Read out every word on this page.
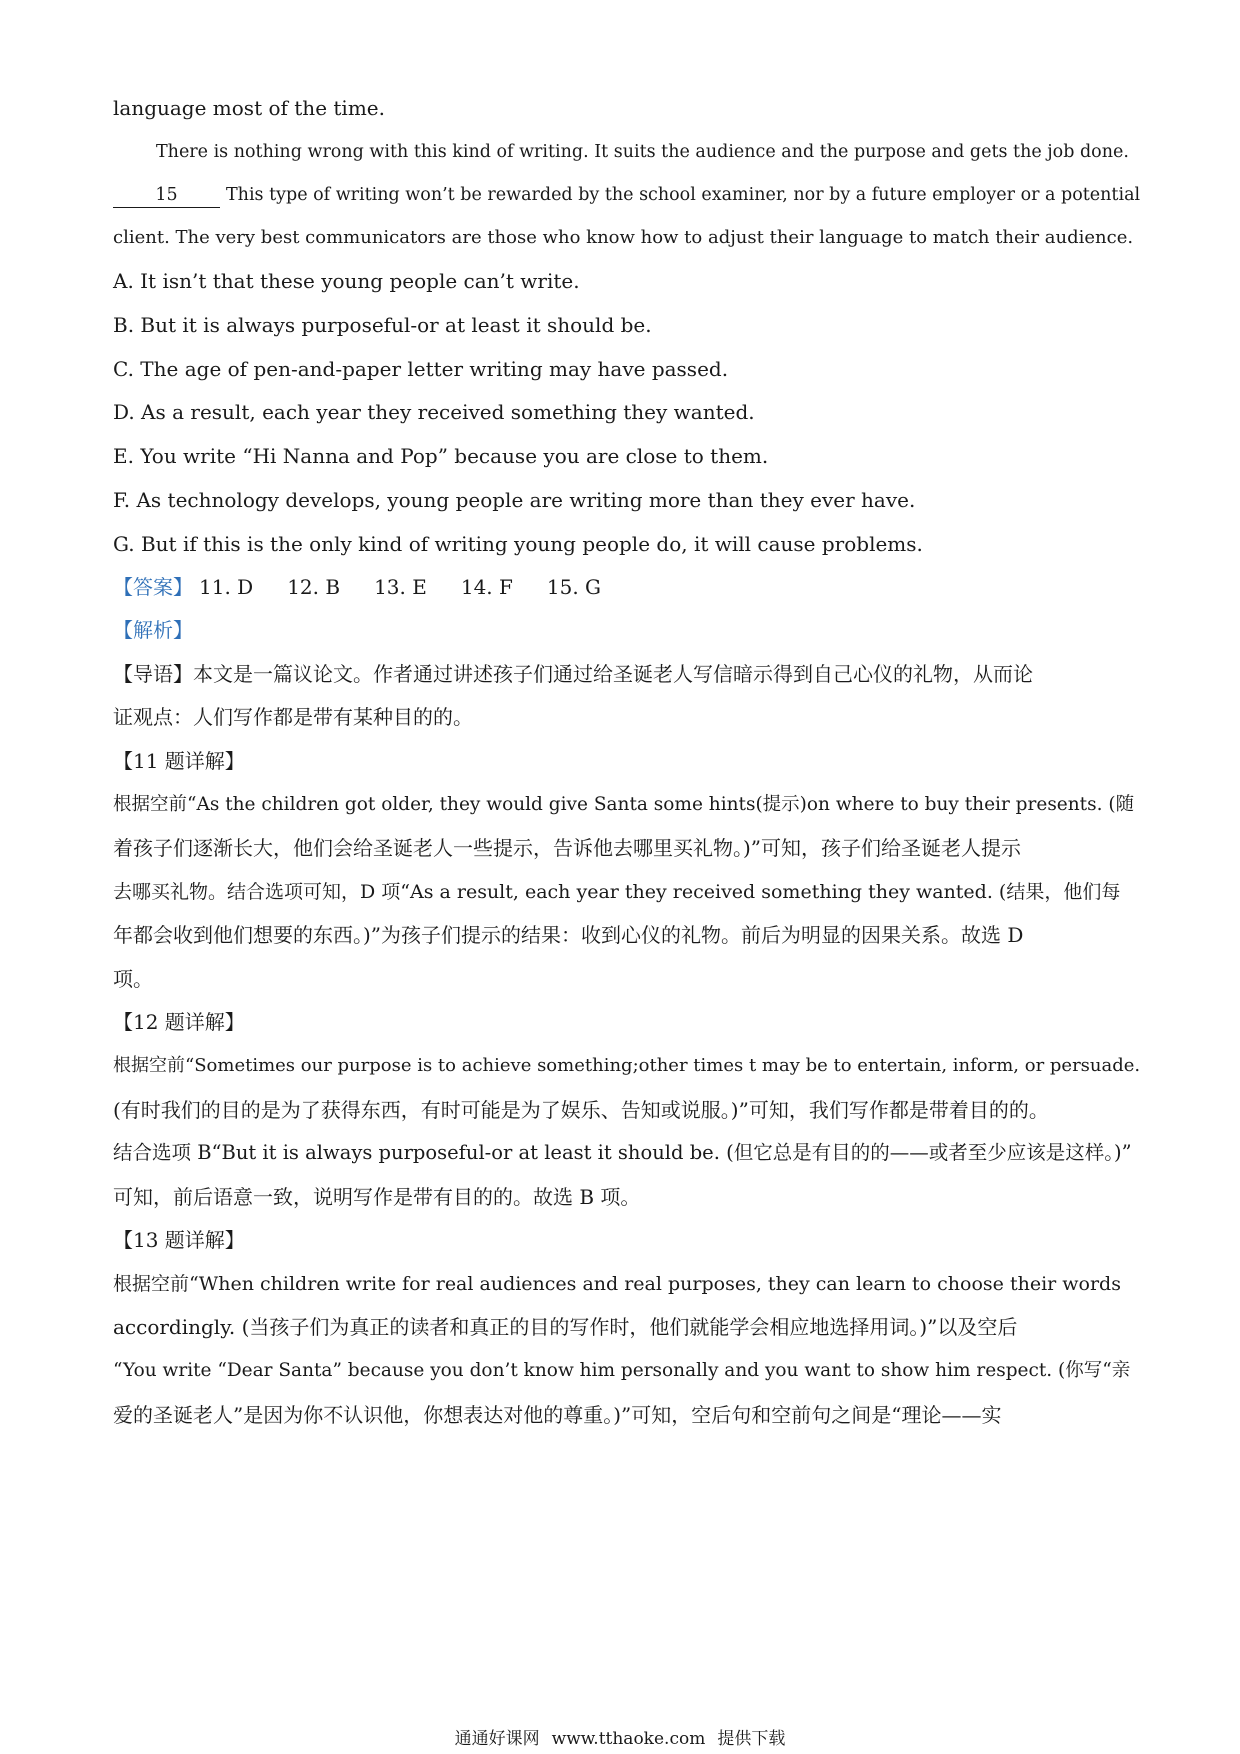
language most of the time.
There is nothing wrong with this kind of writing. It suits the audience and the purpose and gets the job done.
15	This type of writing won’t be rewarded by the school examiner, nor by a future employer or a potential
client. The very best communicators are those who know how to adjust their language to match their audience.
A. It isn’t that these young people can’t write.
B. But it is always purposeful-or at least it should be.
C. The age of pen-and-paper letter writing may have passed.
D. As a result, each year they received something they wanted.
E. You write “Hi Nanna and Pop” because you are close to them.
F. As technology develops, young people are writing more than they ever have.
G. But if this is the only kind of writing young people do, it will cause problems.
【答案】 11. D 12. B 13. E 14. F 15. G
【解析】
【导语】本文是一篇议论文。作者通过讲述孩子们通过给圣诞老人写信暗示得到自己心仪的礼物，从而论
证观点：人们写作都是带有某种目的的。
【11 题详解】
根据空前“As the children got older, they would give Santa some hints(提示)on where to buy their presents. (随
着孩子们逐渐长大，他们会给圣诞老人一些提示，告诉他去哪里买礼物。)”可知，孩子们给圣诞老人提示
去哪买礼物。结合选项可知，D 项“As a result, each year they received something they wanted. (结果，他们每
年都会收到他们想要的东西。)”为孩子们提示的结果：收到心仪的礼物。前后为明显的因果关系。故选 D
项。
【12 题详解】
根据空前“Sometimes our purpose is to achieve something;other times t may be to entertain, inform, or persuade.
(有时我们的目的是为了获得东西，有时可能是为了娱乐、告知或说服。)”可知，我们写作都是带着目的的。
结合选项 B“But it is always purposeful-or at least it should be. (但它总是有目的的——或者至少应该是这样。)”
可知，前后语意一致，说明写作是带有目的的。故选 B 项。
【13 题详解】
根据空前“When children write for real audiences and real purposes, they can learn to choose their words
accordingly. (当孩子们为真正的读者和真正的目的写作时，他们就能学会相应地选择用词。)”以及空后
“You write “Dear Santa” because you don’t know him personally and you want to show him respect. (你写“亲
爱的圣诞老人”是因为你不认识他，你想表达对他的尊重。)”可知，空后句和空前句之间是“理论——实
通通好课网 www.tthaoke.com 提供下载
